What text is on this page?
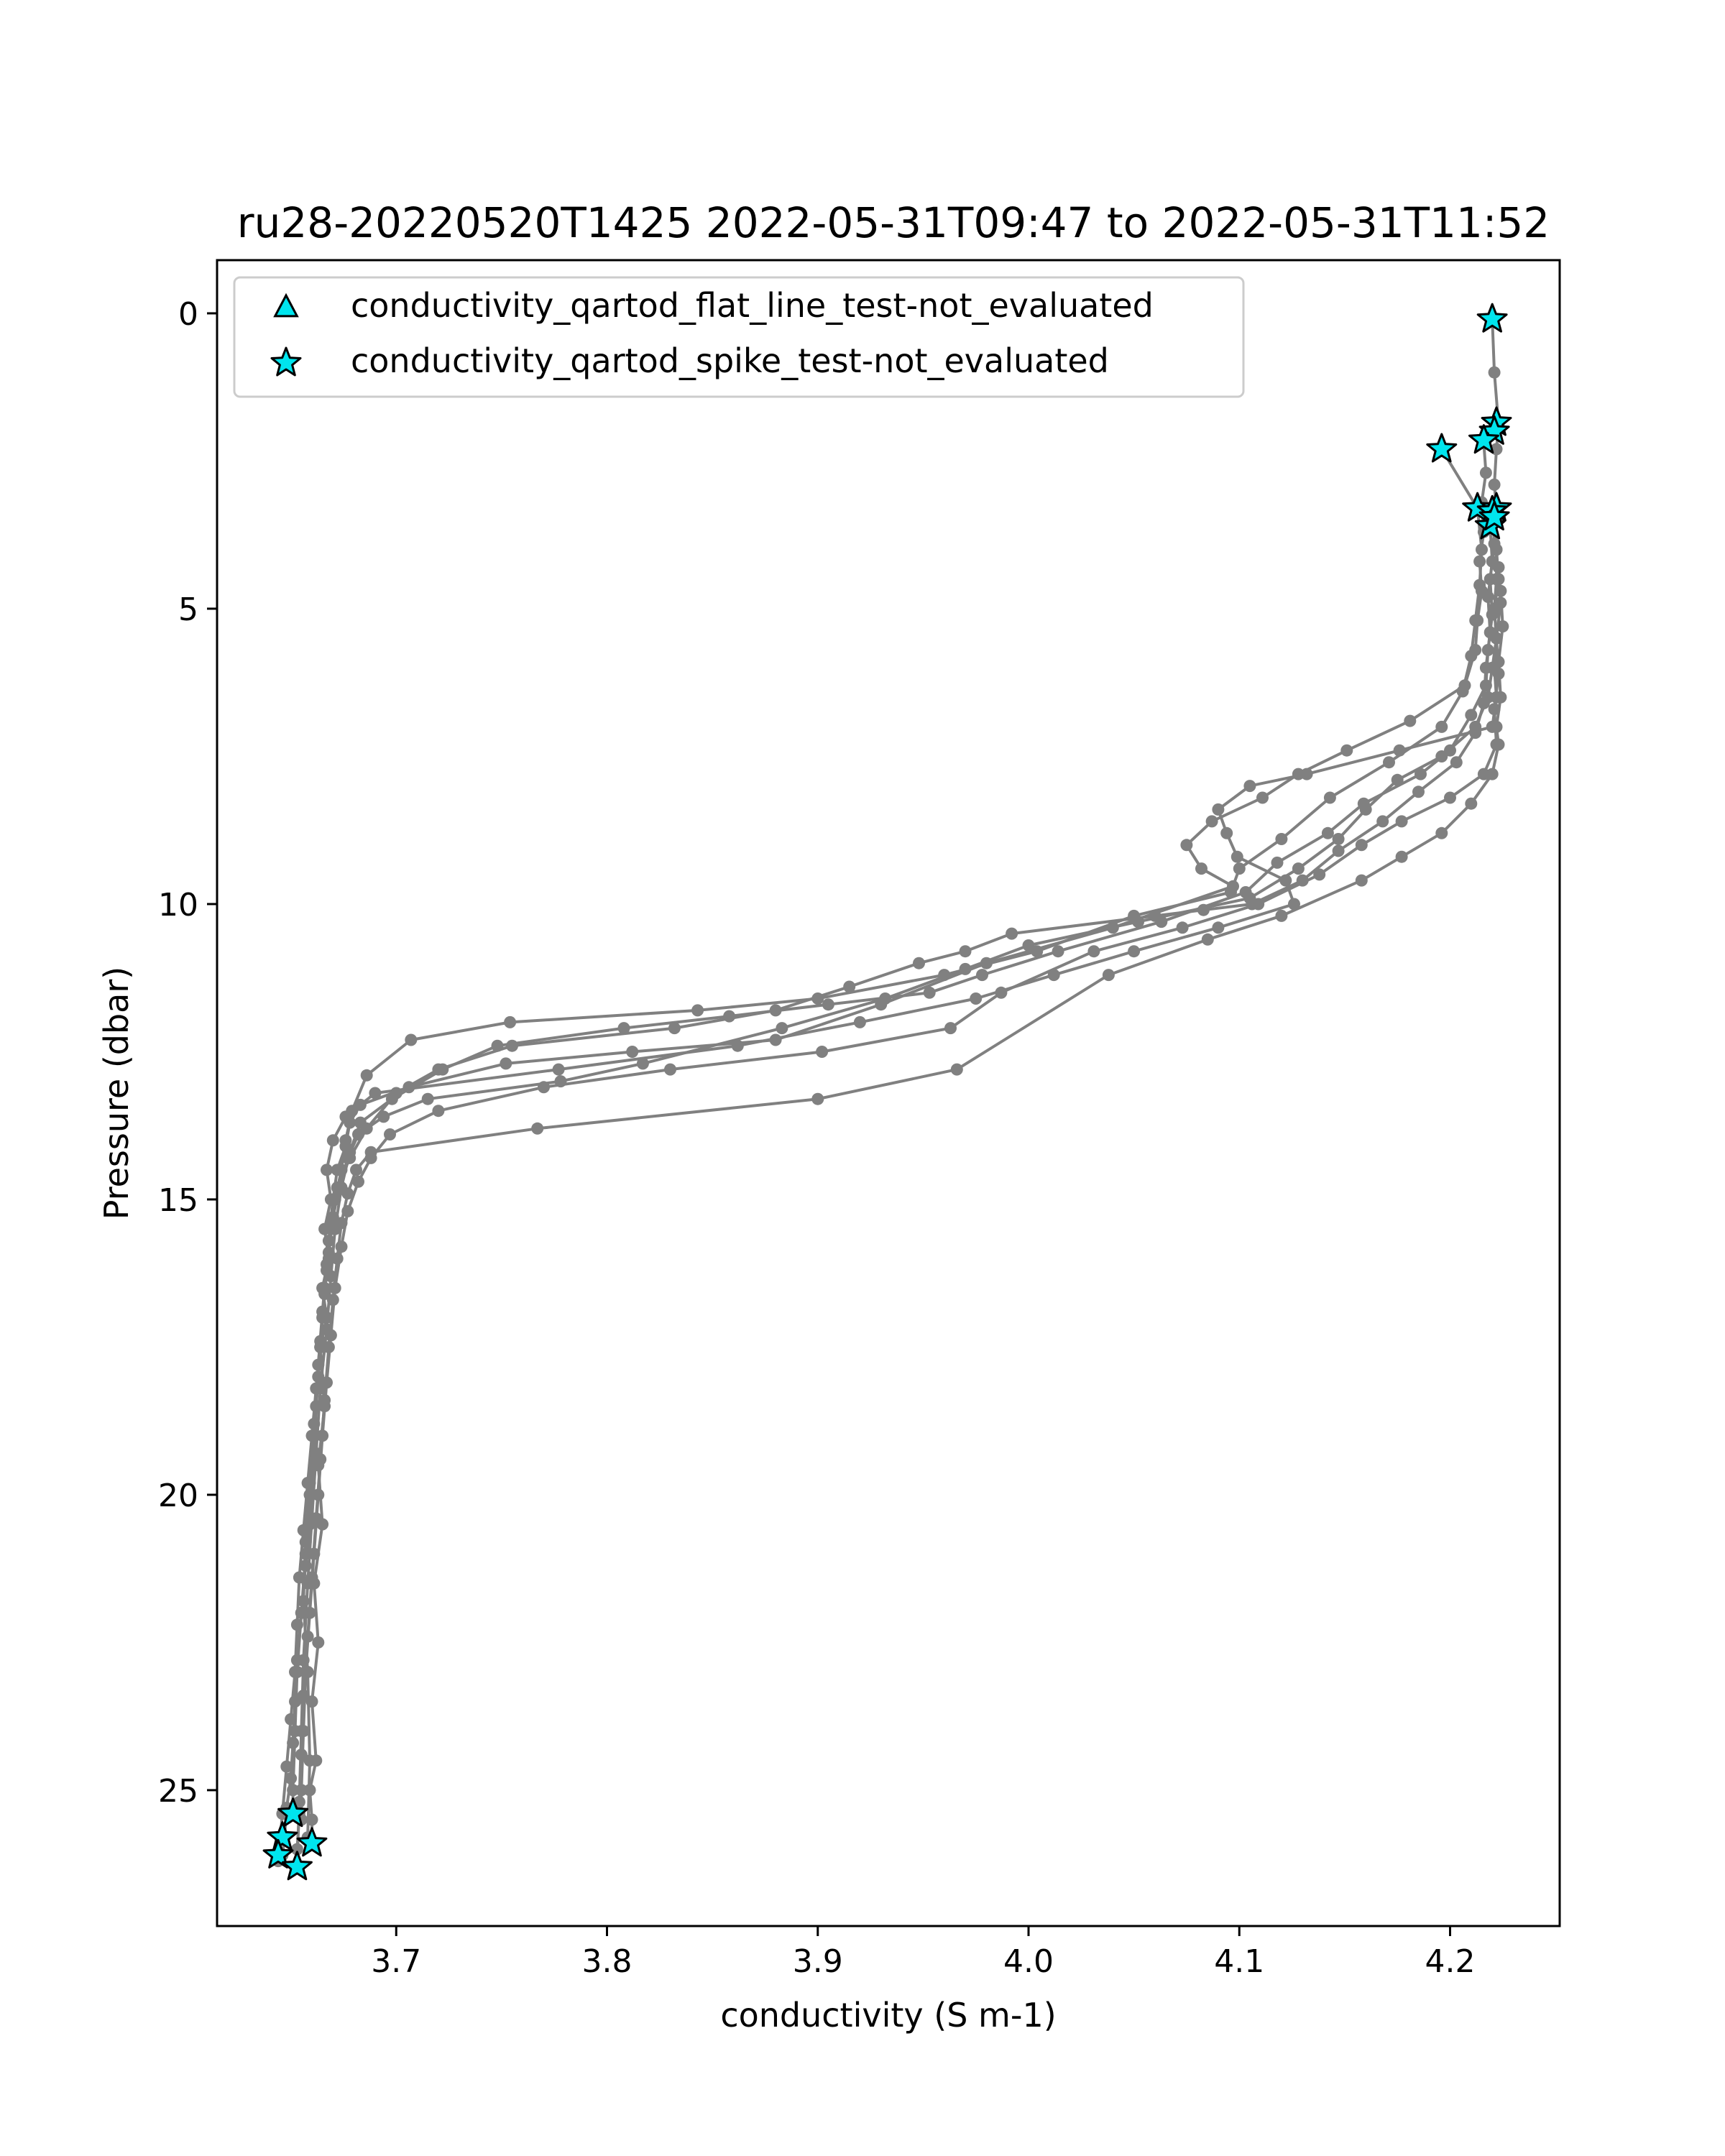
ru28-20220520T1425 2022-05-31T09:47 to 2022-05-31T11:52
3.7	3.8	3.9	4.0	4.1	4.2
0
5
10
15
20
25
conductivity (S m-1)
Pressure (dbar)
conductivity_qartod_flat_line_test-not_evaluated
conductivity_qartod_spike_test-not_evaluated
